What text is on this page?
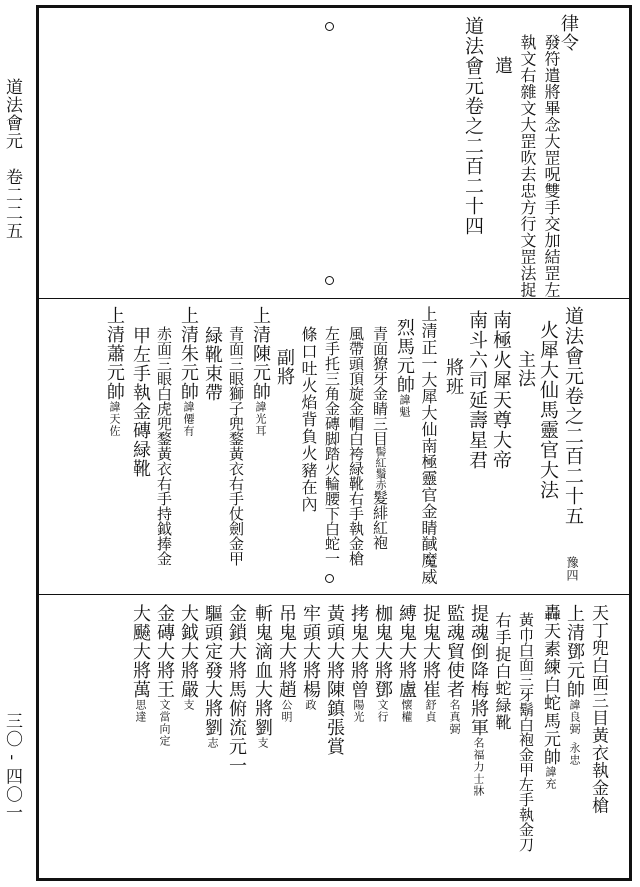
道法會元　卷二二五
三〇 - 四〇一
律令
發符遣將畢念大罡呪雙手交加結罡左
執文右雜文大罡吹去忠方行文罡法捉
遣
道法會元卷之二百二十四
道法會元卷之二百二十五
火犀大仙馬靈官大法
主法
南極火犀天尊大帝
南斗六司延壽星君
將班
上清正一大犀大仙南極靈官金睛馘魔威
烈馬元帥諱魁
青面獠牙金睛三目髻紅鬚赤髮緋紅袍
風帶頭頂旋金帽白袴緑靴右手執金槍
左手托三角金磚脚踏火輪腰下白蛇一
條口吐火焰背負火豬在內
副將
上清陳元帥諱光耳
青面三眼獅子兜鍪黃衣右手仗劍金甲
緑靴束帶
上清朱元帥諱僊有
赤面三眼白虎兜鍪黃衣右手持鉞捧金
甲左手執金磚緑靴
上清蕭元帥諱天佐
豫四
天丁兜白面三目黃衣執金槍
上清鄧元帥諱良弼 永忠
轟天素練白蛇馬元帥諱充
黃巾白面三牙鬍白袍金甲左手執金刀
右手捉白蛇緑靴
提魂倒降梅將軍名福力士牀
監魂貿使者名真弼
捉鬼大將崔舒貞
縛鬼大將盧懐權
枷鬼大將鄧文行
拷鬼大將曾陽光
黃頭大將陳鎮張賞
牢頭大將楊政
吊鬼大將趙公明
斬鬼滴血大將劉支
金鎖大將馬俯流元一
驅頭定發大將劉志
大鉞大將嚴支
金磚大將王文當向定
大飇大將萬思達
